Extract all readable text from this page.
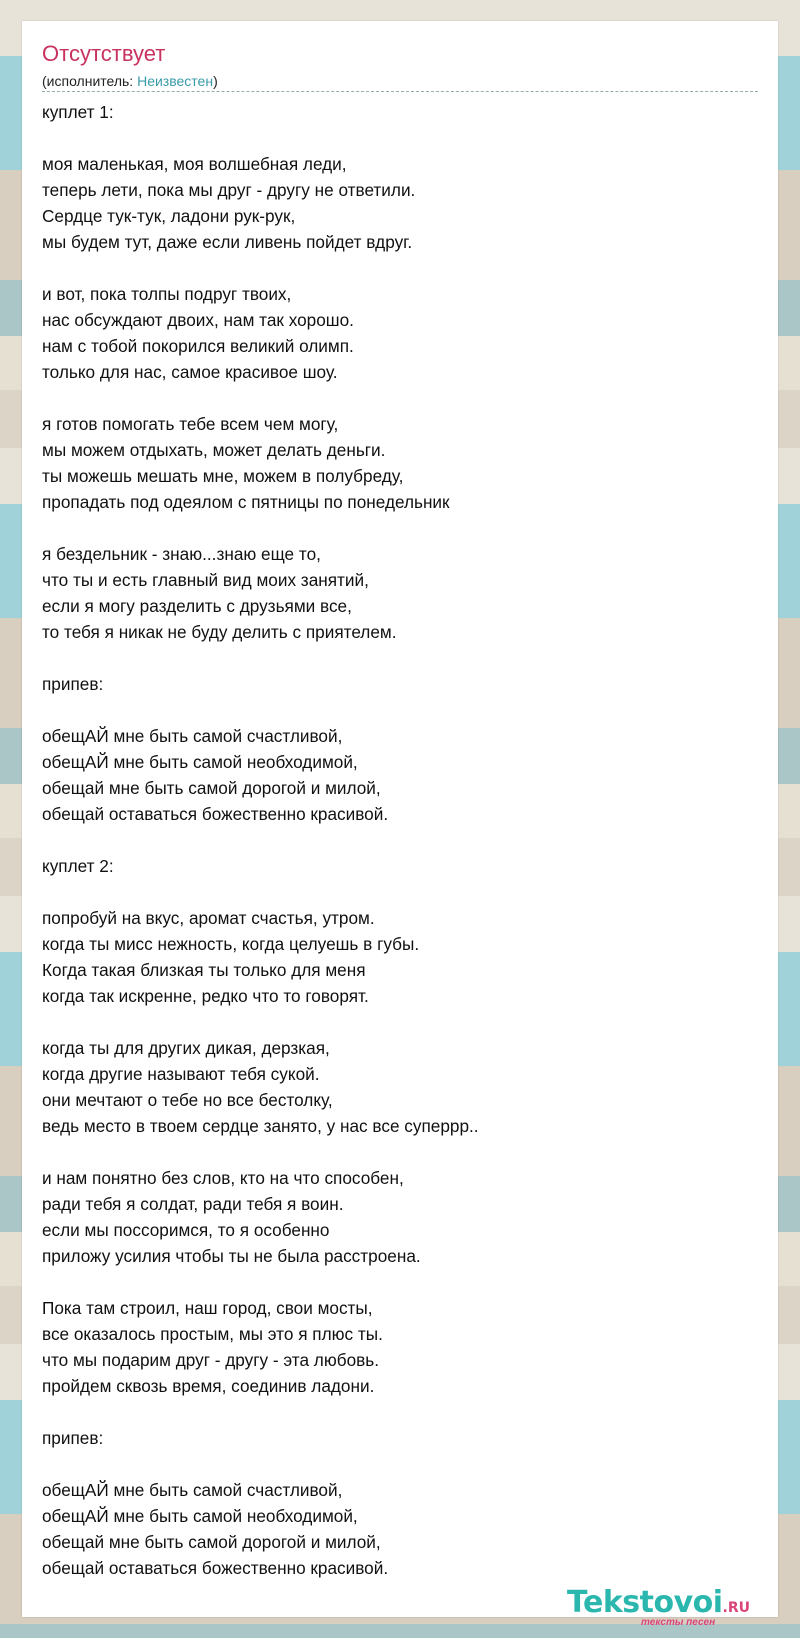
Отсутствует
(исполнитель: Неизвестен)
куплет 1:
моя маленькая, моя волшебная леди,
теперь лети, пока мы друг - другу не ответили.
Сердце тук-тук, ладони рук-рук,
мы будем тут, даже если ливень пойдет вдруг.
и вот, пока толпы подруг твоих,
нас обсуждают двоих, нам так хорошо.
нам с тобой покорился великий олимп.
только для нас, самое красивое шоу.
я готов помогать тебе всем чем могу,
мы можем отдыхать, может делать деньги.
ты можешь мешать мне, можем в полубреду,
пропадать под одеялом с пятницы по понедельник
я бездельник - знаю...знаю еще то,
что ты и есть главный вид моих занятий,
если я могу разделить с друзьями все,
то тебя я никак не буду делить с приятелем.
припев:
обещАЙ мне быть самой счастливой,
обещАЙ мне быть самой необходимой,
обещай мне быть самой дорогой и милой,
обещай оставаться божественно красивой.
куплет 2:
попробуй на вкус, аромат счастья, утром.
когда ты мисс нежность, когда целуешь в губы.
Когда такая близкая ты только для меня
когда так искренне, редко что то говорят.
когда ты для других дикая, дерзкая,
когда другие называют тебя сукой.
они мечтают о тебе но все бестолку,
ведь место в твоем сердце занято, у нас все суперрр..
и нам понятно без слов, кто на что способен,
ради тебя я солдат, ради тебя я воин.
если мы поссоримся, то я особенно
приложу усилия чтобы ты не была расстроена.
Пока там строил, наш город, свои мосты,
все оказалось простым, мы это я плюс ты.
что мы подарим друг - другу - эта любовь.
пройдем сквозь время, соединив ладони.
припев:
обещАЙ мне быть самой счастливой,
обещАЙ мне быть самой необходимой,
обещай мне быть самой дорогой и милой,
обещай оставаться божественно красивой.
Tekstovoi.RU
тексты песен
